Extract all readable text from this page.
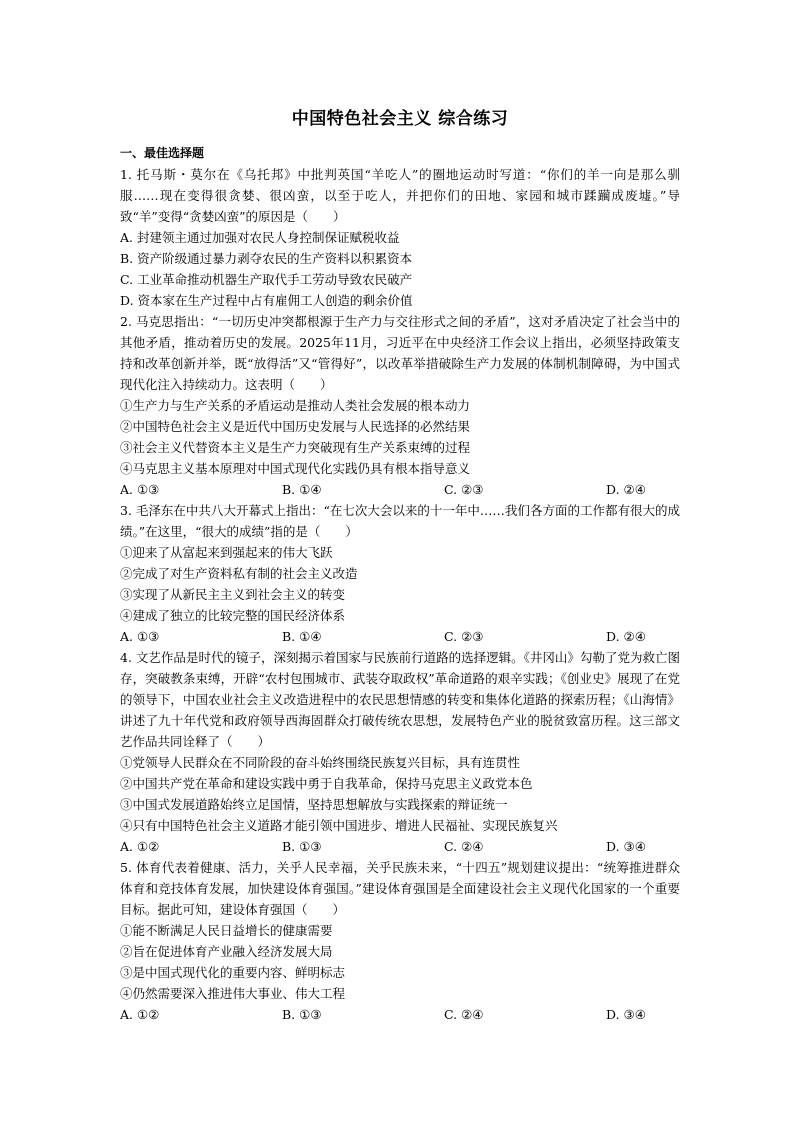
中国特色社会主义 综合练习
一、最佳选择题
1. 托马斯・莫尔在《乌托邦》中批判英国“羊吃人”的圈地运动时写道：“你们的羊一向是那么驯服……现在变得很贪婪、很凶蛮，以至于吃人，并把你们的田地、家园和城市蹂躏成废墟。”导致“羊”变得“贪婪凶蛮”的原因是（　　）
A. 封建领主通过加强对农民人身控制保证赋税收益
B. 资产阶级通过暴力剥夺农民的生产资料以积累资本
C. 工业革命推动机器生产取代手工劳动导致农民破产
D. 资本家在生产过程中占有雇佣工人创造的剩余价值
2. 马克思指出：“一切历史冲突都根源于生产力与交往形式之间的矛盾”，这对矛盾决定了社会当中的其他矛盾，推动着历史的发展。2025年11月，习近平在中央经济工作会议上指出，必须坚持政策支持和改革创新并举，既“放得活”又“管得好”，以改革举措破除生产力发展的体制机制障碍，为中国式现代化注入持续动力。这表明（　　）
①生产力与生产关系的矛盾运动是推动人类社会发展的根本动力
②中国特色社会主义是近代中国历史发展与人民选择的必然结果
③社会主义代替资本主义是生产力突破现有生产关系束缚的过程
④马克思主义基本原理对中国式现代化实践仍具有根本指导意义
A. ①③	B. ①④	C. ②③	D. ②④
3. 毛泽东在中共八大开幕式上指出：“在七次大会以来的十一年中……我们各方面的工作都有很大的成绩。”在这里，“很大的成绩”指的是（　　）
①迎来了从富起来到强起来的伟大飞跃
②完成了对生产资料私有制的社会主义改造
③实现了从新民主主义到社会主义的转变
④建成了独立的比较完整的国民经济体系
A. ①③	B. ①④	C. ②③	D. ②④
4. 文艺作品是时代的镜子，深刻揭示着国家与民族前行道路的选择逻辑。《井冈山》勾勒了党为救亡图存，突破教条束缚，开辟“农村包围城市、武装夺取政权”革命道路的艰辛实践；《创业史》展现了在党的领导下，中国农业社会主义改造进程中的农民思想情感的转变和集体化道路的探索历程；《山海情》讲述了九十年代党和政府领导西海固群众打破传统农思想，发展特色产业的脱贫致富历程。这三部文艺作品共同诠释了（　　）
①党领导人民群众在不同阶段的奋斗始终围绕民族复兴目标，具有连贯性
②中国共产党在革命和建设实践中勇于自我革命，保持马克思主义政党本色
③中国式发展道路始终立足国情，坚持思想解放与实践探索的辩证统一
④只有中国特色社会主义道路才能引领中国进步、增进人民福祉、实现民族复兴
A. ①②	B. ①③	C. ②④	D. ③④
5. 体育代表着健康、活力，关乎人民幸福，关乎民族未来，“十四五”规划建议提出：“统筹推进群众体育和竞技体育发展，加快建设体育强国。”建设体育强国是全面建设社会主义现代化国家的一个重要目标。据此可知，建设体育强国（　　）
①能不断满足人民日益增长的健康需要
②旨在促进体育产业融入经济发展大局
③是中国式现代化的重要内容、鲜明标志
④仍然需要深入推进伟大事业、伟大工程
A. ①②	B. ①③	C. ②④	D. ③④
